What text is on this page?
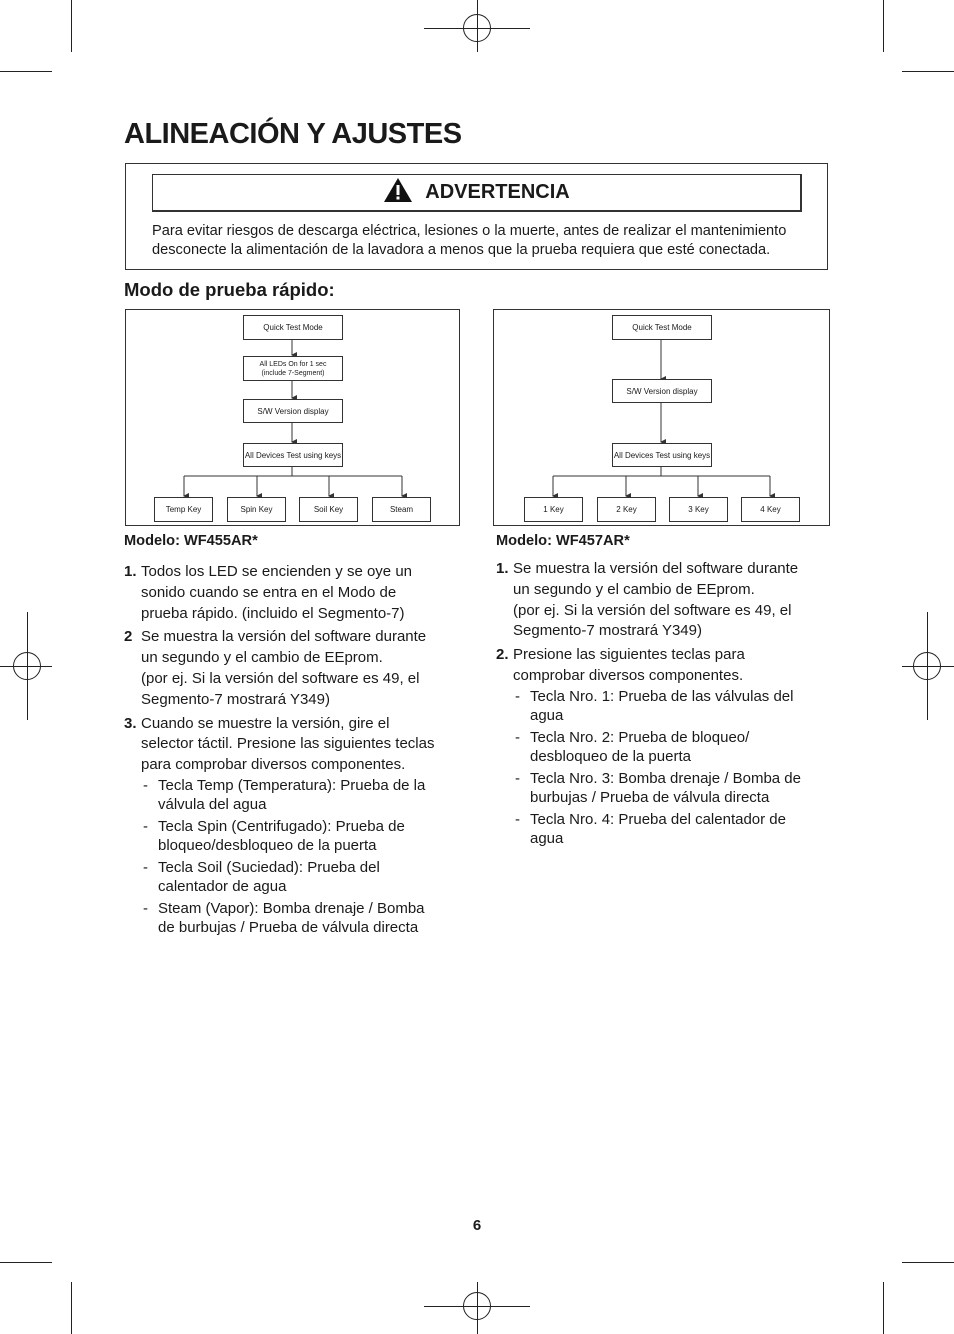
ALINEACIÓN Y AJUSTES
ADVERTENCIA
Para evitar riesgos de descarga eléctrica, lesiones o la muerte, antes de realizar el mantenimiento
desconecte la alimentación de la lavadora a menos que la prueba requiera que esté conectada.
Modo de prueba rápido:
Quick Test Mode
All LEDs On for 1 sec
(include 7-Segment)
S/W Version display
All Devices Test using keys
Temp Key	Spin Key	Soil Key	Steam
Quick Test Mode
S/W Version display
All Devices Test using keys
1 Key	2 Key	3 Key	4 Key
Modelo: WF455AR*
1. Todos los LED se encienden y se oye un

sonido cuando se entra en el Modo de

prueba rápido. (incluido el Segmento-7)

2 Se muestra la versión del software durante

un segundo y el cambio de EEprom.

(por ej. Si la versión del software es 49, el

Segmento-7 mostrará Y349)

3. Cuando se muestre la versión, gire el

selector táctil. Presione las siguientes teclas

para comprobar diversos componentes.

- Tecla Temp (Temperatura): Prueba de la

válvula del agua

- Tecla Spin (Centrifugado): Prueba de

bloqueo/desbloqueo de la puerta

- Tecla Soil (Suciedad): Prueba del

calentador de agua

- Steam (Vapor): Bomba drenaje / Bomba

de burbujas / Prueba de válvula directa

Modelo: WF457AR*
1. Se muestra la versión del software durante

un segundo y el cambio de EEprom.

(por ej. Si la versión del software es 49, el

Segmento-7 mostrará Y349)

2. Presione las siguientes teclas para

comprobar diversos componentes.

- Tecla Nro. 1: Prueba de las válvulas del

agua

- Tecla Nro. 2: Prueba de bloqueo/

desbloqueo de la puerta

- Tecla Nro. 3: Bomba drenaje / Bomba de

burbujas / Prueba de válvula directa

- Tecla Nro. 4: Prueba del calentador de

agua

6
